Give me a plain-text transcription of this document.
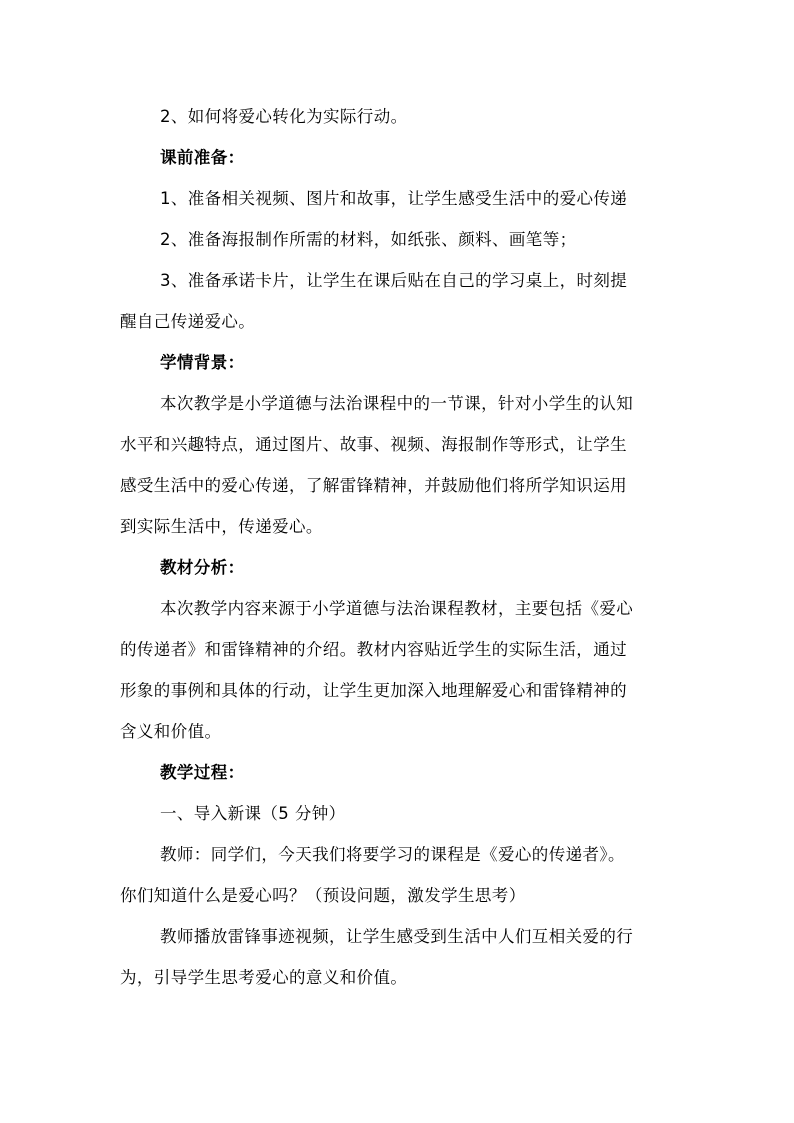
2、如何将爱心转化为实际行动。

课前准备：

1、准备相关视频、图片和故事，让学生感受生活中的爱心传递

2、准备海报制作所需的材料，如纸张、颜料、画笔等；

3、准备承诺卡片，让学生在课后贴在自己的学习桌上，时刻提
醒自己传递爱心。

学情背景：

本次教学是小学道德与法治课程中的一节课，针对小学生的认知
水平和兴趣特点，通过图片、故事、视频、海报制作等形式，让学生
感受生活中的爱心传递，了解雷锋精神，并鼓励他们将所学知识运用
到实际生活中，传递爱心。

教材分析：

本次教学内容来源于小学道德与法治课程教材，主要包括《爱心
的传递者》和雷锋精神的介绍。教材内容贴近学生的实际生活，通过
形象的事例和具体的行动，让学生更加深入地理解爱心和雷锋精神的
含义和价值。

教学过程：

一、导入新课（5 分钟）

教师：同学们，今天我们将要学习的课程是《爱心的传递者》。
你们知道什么是爱心吗？（预设问题，激发学生思考）

教师播放雷锋事迹视频，让学生感受到生活中人们互相关爱的行
为，引导学生思考爱心的意义和价值。
